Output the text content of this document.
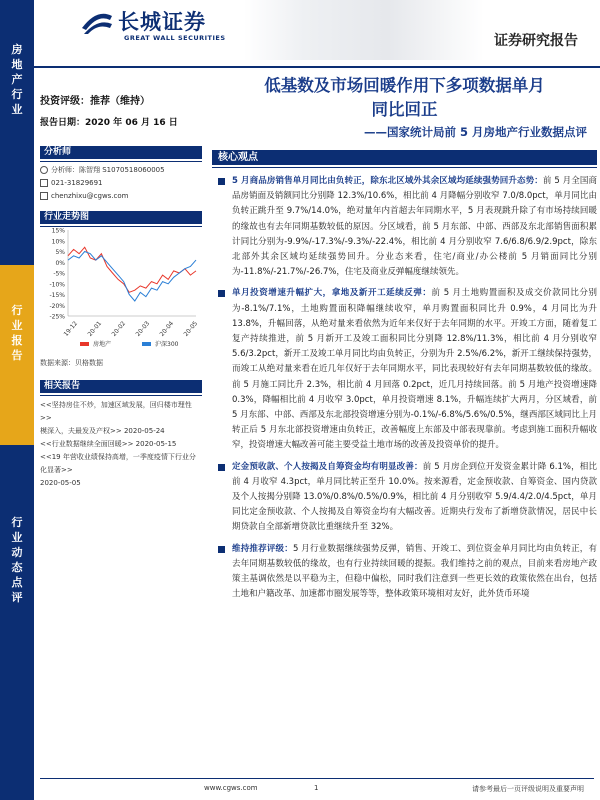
房
地
产
行
业
行
业
报
告
行
业
动
态
点
评
长城证券
GREAT WALL SECURITIES	证券研究报告
投资评级：推荐（维持）
报告日期：2020 年 06 月 16 日
分析师
分析师：陈智翔 S1070518060005
021-31829691
chenzhixu@cgws.com
行业走势图
15%
10%
5%
0%
-5%
-10%
-15%
-20%
-25%
19-12 20-01 20-02 20-03 20-04 20-05
房地产	沪深300
数据来源：贝格数据
相关报告
<<坚持房住不炒，加速区域发展，回归楼市理性>>
模深入，夫最发及产权>> 2020-05-24
<<行业数据继续全面回暖>> 2020-05-15
<<19 年营收业绩保持高增，一季度疫情下行业分化显著>>
2020-05-05
低基数及市场回暖作用下多项数据单月
同比回正
——国家统计局前 5 月房地产行业数据点评
核心观点
5 月商品房销售单月同比由负转正，除东北区域外其余区域均延续强势回升态势：前 5 月全国商品房销面及销额同比分别降 12.3%/10.6%，相比前 4 月降幅分别收窄 7.0/8.0pct，单月同比由负转正跳升至 9.7%/14.0%，绝对量年内首超去年同期水平，5 月表现跳升除了有市场持续回暖的缘故也有去年同期基数较低的原因。分区域看，前 5 月东部、中部、西部及东北部销售面积累计同比分别为-9.9%/-17.3%/-9.3%/-22.4%，相比前 4 月分别收窄 7.6/6.8/6.9/2.9pct，除东北部外其余区域均延续强势回升。分业态来看，住宅/商业/办公楼前 5 月销面同比分别为-11.8%/-21.7%/-26.7%，住宅及商业反弹幅度继续领先。
单月投资增速升幅扩大，拿地及新开工延续反弹：前 5 月土地购置面积及成交价款同比分别为-8.1%/7.1%，土地购置面积降幅继续收窄，单月购置面积同比升 0.9%，4 月同比为升 13.8%，升幅回落，从绝对量来看依然为近年来仅好于去年同期的水平。开竣工方面，随着复工复产持续推进，前 5 月新开工及竣工面积同比分别降 12.8%/11.3%，相比前 4 月分别收窄 5.6/3.2pct，新开工及竣工单月同比均由负转正，分别为升 2.5%/6.2%，新开工继续保持强势，而竣工从绝对量来看在近几年仅好于去年同期水平，同比表现较好有去年同期基数较低的缘故。前 5 月施工同比升 2.3%，相比前 4 月回落 0.2pct，近几月持续回落。前 5 月地产投资增速降 0.3%，降幅相比前 4 月收窄 3.0pct，单月投资增速 8.1%，升幅连续扩大两月，分区域看，前 5 月东部、中部、西部及东北部投资增速分别为-0.1%/-6.8%/5.6%/0.5%，继西部区域同比上月转正后 5 月东北部投资增速由负转正，改善幅度上东部及中部表现靠前。考虑到施工面积升幅收窄，投资增速大幅改善可能主要受益土地市场的改善及投资单价的提升。
定金预收款、个人按揭及自筹资金均有明显改善：前 5 月房企到位开发资金累计降 6.1%，相比前 4 月收窄 4.3pct，单月同比转正至升 10.0%。按来源看，定金预收款、自筹资金、国内贷款及个人按揭分别降 13.0%/0.8%/0.5%/0.9%，相比前 4 月分别收窄 5.9/4.4/2.0/4.5pct，单月同比定金预收款、个人按揭及自筹资金均有大幅改善。近期央行发布了新增贷款情况，居民中长期贷款自全部新增贷款比重继续升至 32%。
维持推荐评级：5 月行业数据继续强势反弹，销售、开竣工、到位资金单月同比均由负转正，有去年同期基数较低的缘故，也有行业持续回暖的提振。我们维持之前的观点，目前来看房地产政策主基调依然是以平稳为主，但稳中偏松，同时我们注意到一些更长效的政策依然在出台，包括土地和户籍改革、加速都市圈发展等等，整体政策环境相对友好，此外货币环境
www.cgws.com	1	请参考最后一页评级说明及重要声明
